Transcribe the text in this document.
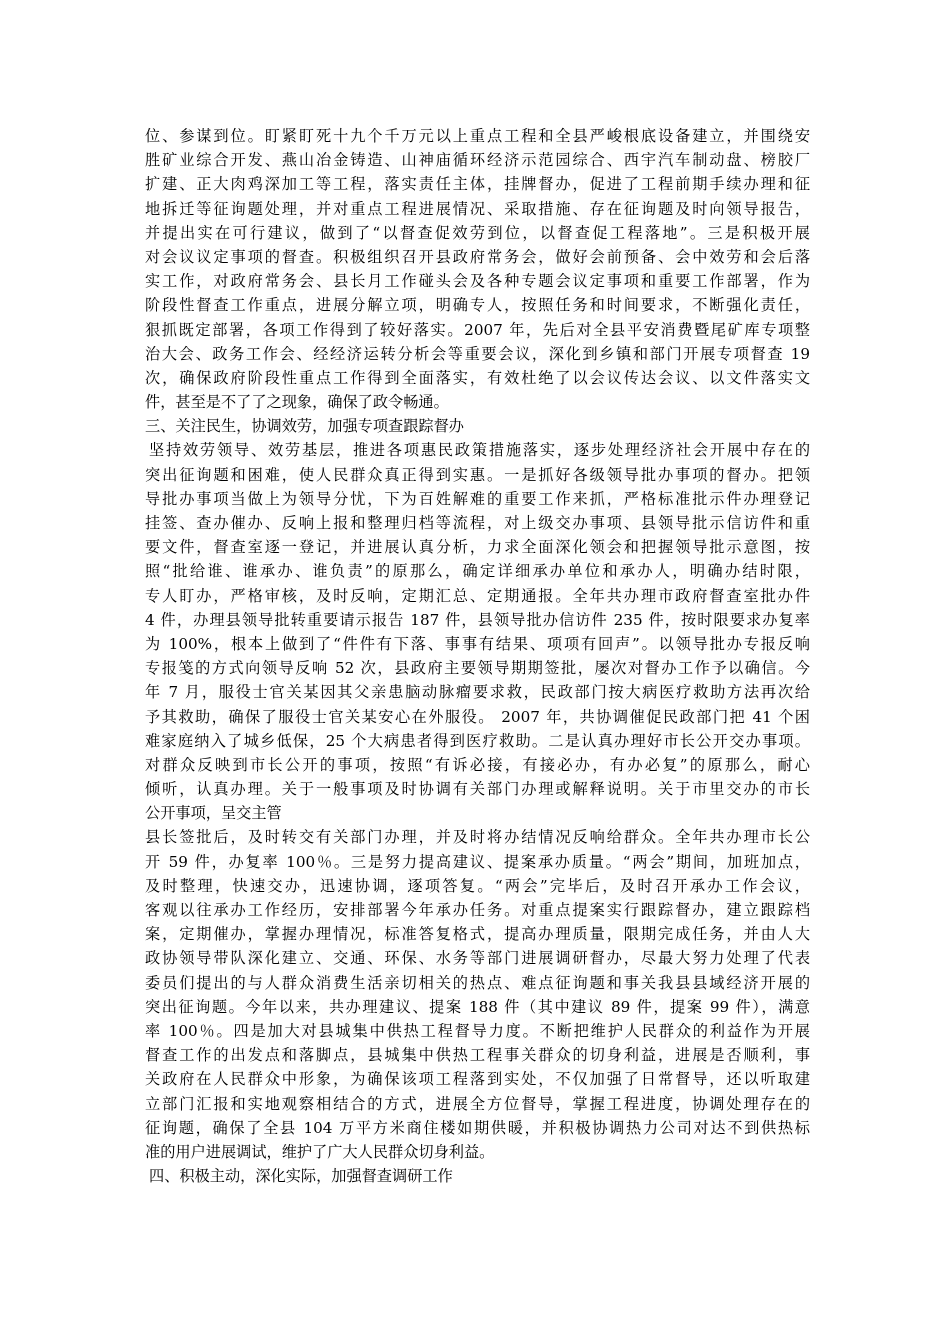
位、参谋到位。盯紧盯死十九个千万元以上重点工程和全县严峻根底设备建立，并围绕安
胜矿业综合开发、燕山冶金铸造、山神庙循环经济示范园综合、西宇汽车制动盘、榜胶厂
扩建、正大肉鸡深加工等工程，落实责任主体，挂牌督办，促进了工程前期手续办理和征
地拆迁等征询题处理，并对重点工程进展情况、采取措施、存在征询题及时向领导报告，
并提出实在可行建议，做到了“以督查促效劳到位，以督查促工程落地”。三是积极开展
对会议议定事项的督查。积极组织召开县政府常务会，做好会前预备、会中效劳和会后落
实工作，对政府常务会、县长月工作碰头会及各种专题会议定事项和重要工作部署，作为
阶段性督查工作重点，进展分解立项，明确专人，按照任务和时间要求，不断强化责任，
狠抓既定部署，各项工作得到了较好落实。2007 年，先后对全县平安消费暨尾矿库专项整
治大会、政务工作会、经经济运转分析会等重要会议，深化到乡镇和部门开展专项督查 19
次，确保政府阶段性重点工作得到全面落实，有效杜绝了以会议传达会议、以文件落实文
件，甚至是不了了之现象，确保了政令畅通。
三、关注民生，协调效劳，加强专项查跟踪督办
坚持效劳领导、效劳基层，推进各项惠民政策措施落实，逐步处理经济社会开展中存在的
突出征询题和困难，使人民群众真正得到实惠。一是抓好各级领导批办事项的督办。把领
导批办事项当做上为领导分忧，下为百姓解难的重要工作来抓，严格标准批示件办理登记
挂签、查办催办、反响上报和整理归档等流程，对上级交办事项、县领导批示信访件和重
要文件，督查室逐一登记，并进展认真分析，力求全面深化领会和把握领导批示意图，按
照“批给谁、谁承办、谁负责”的原那么，确定详细承办单位和承办人，明确办结时限，
专人盯办，严格审核，及时反响，定期汇总、定期通报。全年共办理市政府督查室批办件
4 件，办理县领导批转重要请示报告 187 件，县领导批办信访件 235 件，按时限要求办复率
为 100%，根本上做到了“件件有下落、事事有结果、项项有回声”。以领导批办专报反响
专报笺的方式向领导反响 52 次，县政府主要领导期期签批，屡次对督办工作予以确信。今
年 7 月，服役士官关某因其父亲患脑动脉瘤要求救，民政部门按大病医疗救助方法再次给
予其救助，确保了服役士官关某安心在外服役。 2007 年，共协调催促民政部门把 41 个困
难家庭纳入了城乡低保，25 个大病患者得到医疗救助。二是认真办理好市长公开交办事项。
对群众反映到市长公开的事项，按照“有诉必接，有接必办，有办必复”的原那么，耐心
倾听，认真办理。关于一般事项及时协调有关部门办理或解释说明。关于市里交办的市长
公开事项，呈交主管
县长签批后，及时转交有关部门办理，并及时将办结情况反响给群众。全年共办理市长公
开 59 件，办复率 100％。三是努力提高建议、提案承办质量。“两会”期间，加班加点，
及时整理，快速交办，迅速协调，逐项答复。“两会”完毕后，及时召开承办工作会议，
客观以往承办工作经历，安排部署今年承办任务。对重点提案实行跟踪督办，建立跟踪档
案，定期催办，掌握办理情况，标准答复格式，提高办理质量，限期完成任务，并由人大
政协领导带队深化建立、交通、环保、水务等部门进展调研督办，尽最大努力处理了代表
委员们提出的与人群众消费生活亲切相关的热点、难点征询题和事关我县县域经济开展的
突出征询题。今年以来，共办理建议、提案 188 件（其中建议 89 件，提案 99 件），满意
率 100％。四是加大对县城集中供热工程督导力度。不断把维护人民群众的利益作为开展
督查工作的出发点和落脚点，县城集中供热工程事关群众的切身利益，进展是否顺利，事
关政府在人民群众中形象，为确保该项工程落到实处，不仅加强了日常督导，还以听取建
立部门汇报和实地观察相结合的方式，进展全方位督导，掌握工程进度，协调处理存在的
征询题，确保了全县 104 万平方米商住楼如期供暖，并积极协调热力公司对达不到供热标
准的用户进展调试，维护了广大人民群众切身利益。
四、积极主动，深化实际，加强督查调研工作
